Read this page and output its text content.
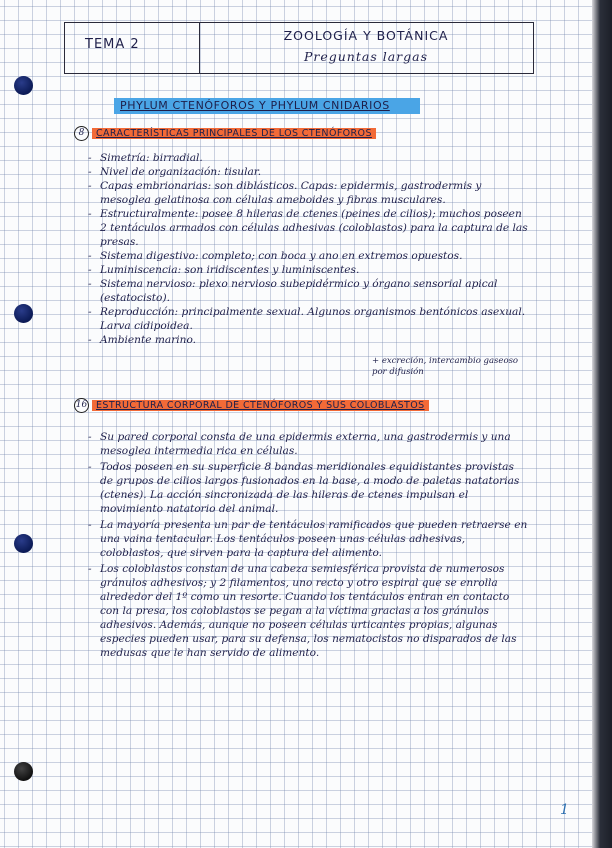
TEMA 2
ZOOLOGÍA Y BOTÁNICA
Preguntas largas
PHYLUM CTENÓFOROS Y PHYLUM CNIDARIOS
8 CARACTERÍSTICAS PRINCIPALES DE LOS CTENÓFOROS
- Simetría: birradial.
- Nivel de organización: tisular.
- Capas embrionarias: son diblásticos. Capas: epidermis, gastrodermis y mesoglea gelatinosa con células ameboides y fibras musculares.
- Estructuralmente: posee 8 hileras de ctenes (peines de cilios); muchos poseen 2 tentáculos armados con células adhesivas (coloblastos) para la captura de las presas.
- Sistema digestivo: completo; con boca y ano en extremos opuestos.
- Luminiscencia: son iridiscentes y luminiscentes.
- Sistema nervioso: plexo nervioso subepidérmico y órgano sensorial apical (estatocisto).
- Reproducción: principalmente sexual. Algunos organismos bentónicos asexual. Larva cidipoidea.
- Ambiente marino.
+ excreción, intercambio gaseoso por difusión
16 ESTRUCTURA CORPORAL DE CTENÓFOROS Y SUS COLOBLASTOS
- Su pared corporal consta de una epidermis externa, una gastrodermis y una mesoglea intermedia rica en células.
- Todos poseen en su superficie 8 bandas meridionales equidistantes provistas de grupos de cilios largos fusionados en la base, a modo de paletas natatorias (ctenes). La acción sincronizada de las hileras de ctenes impulsan el movimiento natatorio del animal.
- La mayoría presenta un par de tentáculos ramificados que pueden retraerse en una vaina tentacular. Los tentáculos poseen unas células adhesivas, coloblastos, que sirven para la captura del alimento.
- Los coloblastos constan de una cabeza semiesférica provista de numerosos gránulos adhesivos; y 2 filamentos, uno recto y otro espiral que se enrolla alrededor del 1º como un resorte. Cuando los tentáculos entran en contacto con la presa, los coloblastos se pegan a la víctima gracias a los gránulos adhesivos. Además, aunque no poseen células urticantes propias, algunas especies pueden usar, para su defensa, los nematocistos no disparados de las medusas que le han servido de alimento.
1
